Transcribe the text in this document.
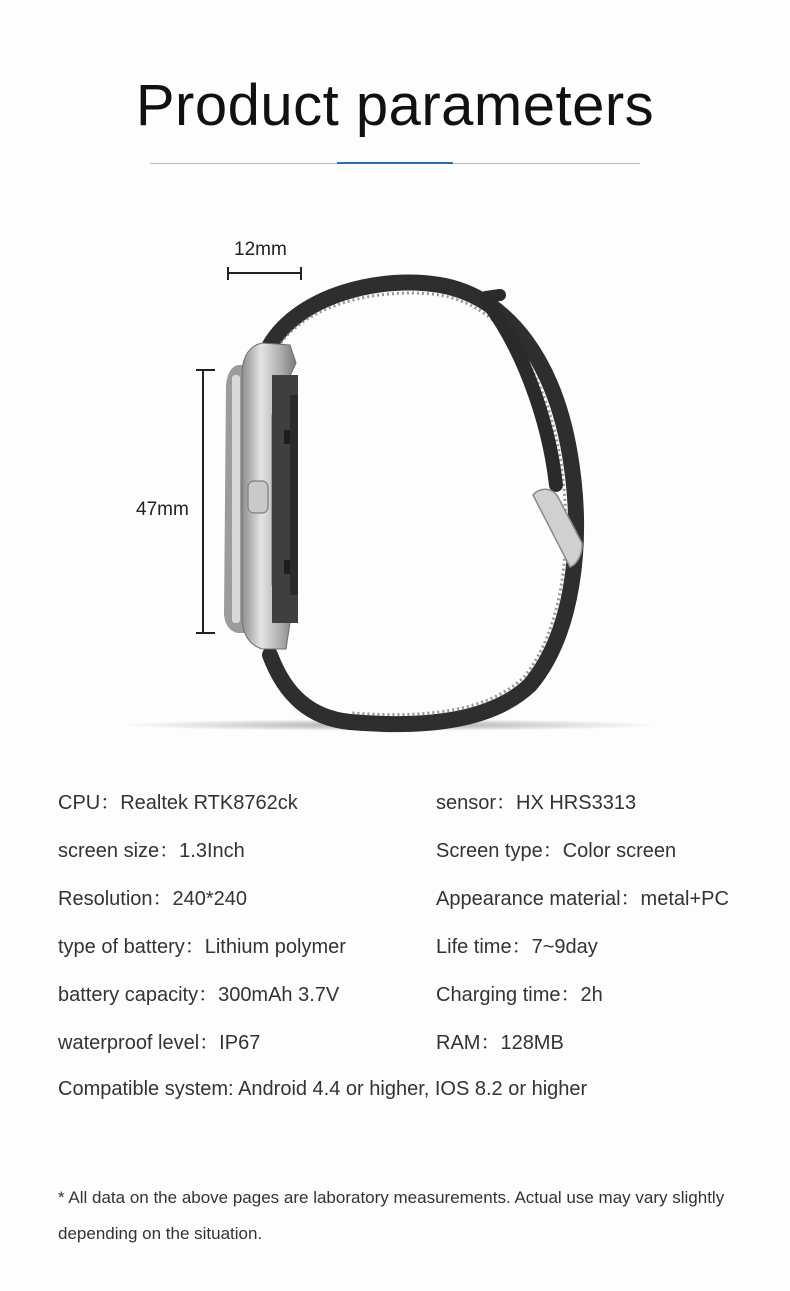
Product parameters
12mm
47mm
CPU：Realtek RTK8762ck	sensor：HX HRS3313
screen size：1.3Inch	Screen type：Color screen
Resolution：240*240	Appearance material：metal+PC
type of battery：Lithium polymer	Life time：7~9day
battery capacity：300mAh 3.7V	Charging time：2h
waterproof level：IP67	RAM：128MB
Compatible system: Android 4.4 or higher, IOS 8.2 or higher
* All data on the above pages are laboratory measurements. Actual use may vary slightly depending on the situation.
